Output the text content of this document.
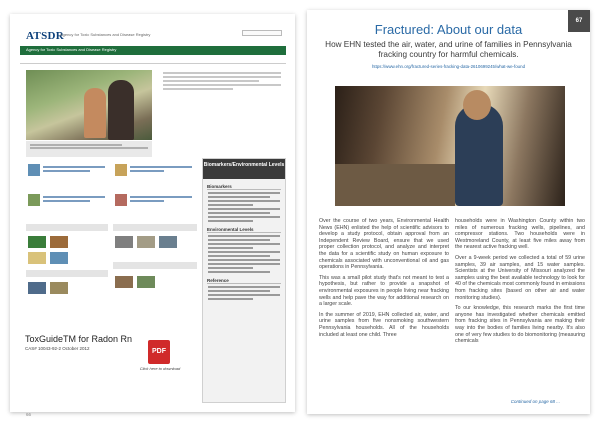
ATSDR
Agency for Toxic Substances and Disease Registry
Agency for Toxic Substances and Disease Registry
Biomarkers/Environmental Levels
Biomarkers
Environmental Levels
Reference
ToxGuideTM for Radon Rn
CAS# 10043-92-2 October 2012	PDF
Click here to download
66
67
Fractured: About our data
How EHN tested the air, water, and urine of families in Pennsylvania fracking country for harmful chemicals.
https://www.ehn.org/fractured-series-fracking-data-2610699245/what-we-found

Over the course of two years, Environmental Health News (EHN) enlisted the help of scientific advisors to develop a study protocol, obtain approval from an Independent Review Board, ensure that we used proper collection protocol, and analyze and interpret the data for a scientific study on human exposure to chemicals associated with unconventional oil and gas operations in Pennsylvania.

This was a small pilot study that's not meant to test a hypothesis, but rather to provide a snapshot of environmental exposures in people living near fracking wells and help pave the way for additional research on a larger scale.

In the summer of 2019, EHN collected air, water, and urine samples from five nonsmoking southwestern Pennsylvania households. All of the households included at least one child. Three

households were in Washington County within two miles of numerous fracking wells, pipelines, and compressor stations. Two households were in Westmoreland County, at least five miles away from the nearest active fracking well.

Over a 9-week period we collected a total of 59 urine samples, 39 air samples, and 15 water samples. Scientists at the University of Missouri analyzed the samples using the best available technology to look for 40 of the chemicals most commonly found in emissions from fracking sites (based on other air and water monitoring studies).

To our knowledge, this research marks the first time anyone has investigated whether chemicals emitted from fracking sites in Pennsylvania are making their way into the bodies of families living nearby. It's also one of very few studies to do biomonitoring (measuring chemicals

Continued on page 68 ...
